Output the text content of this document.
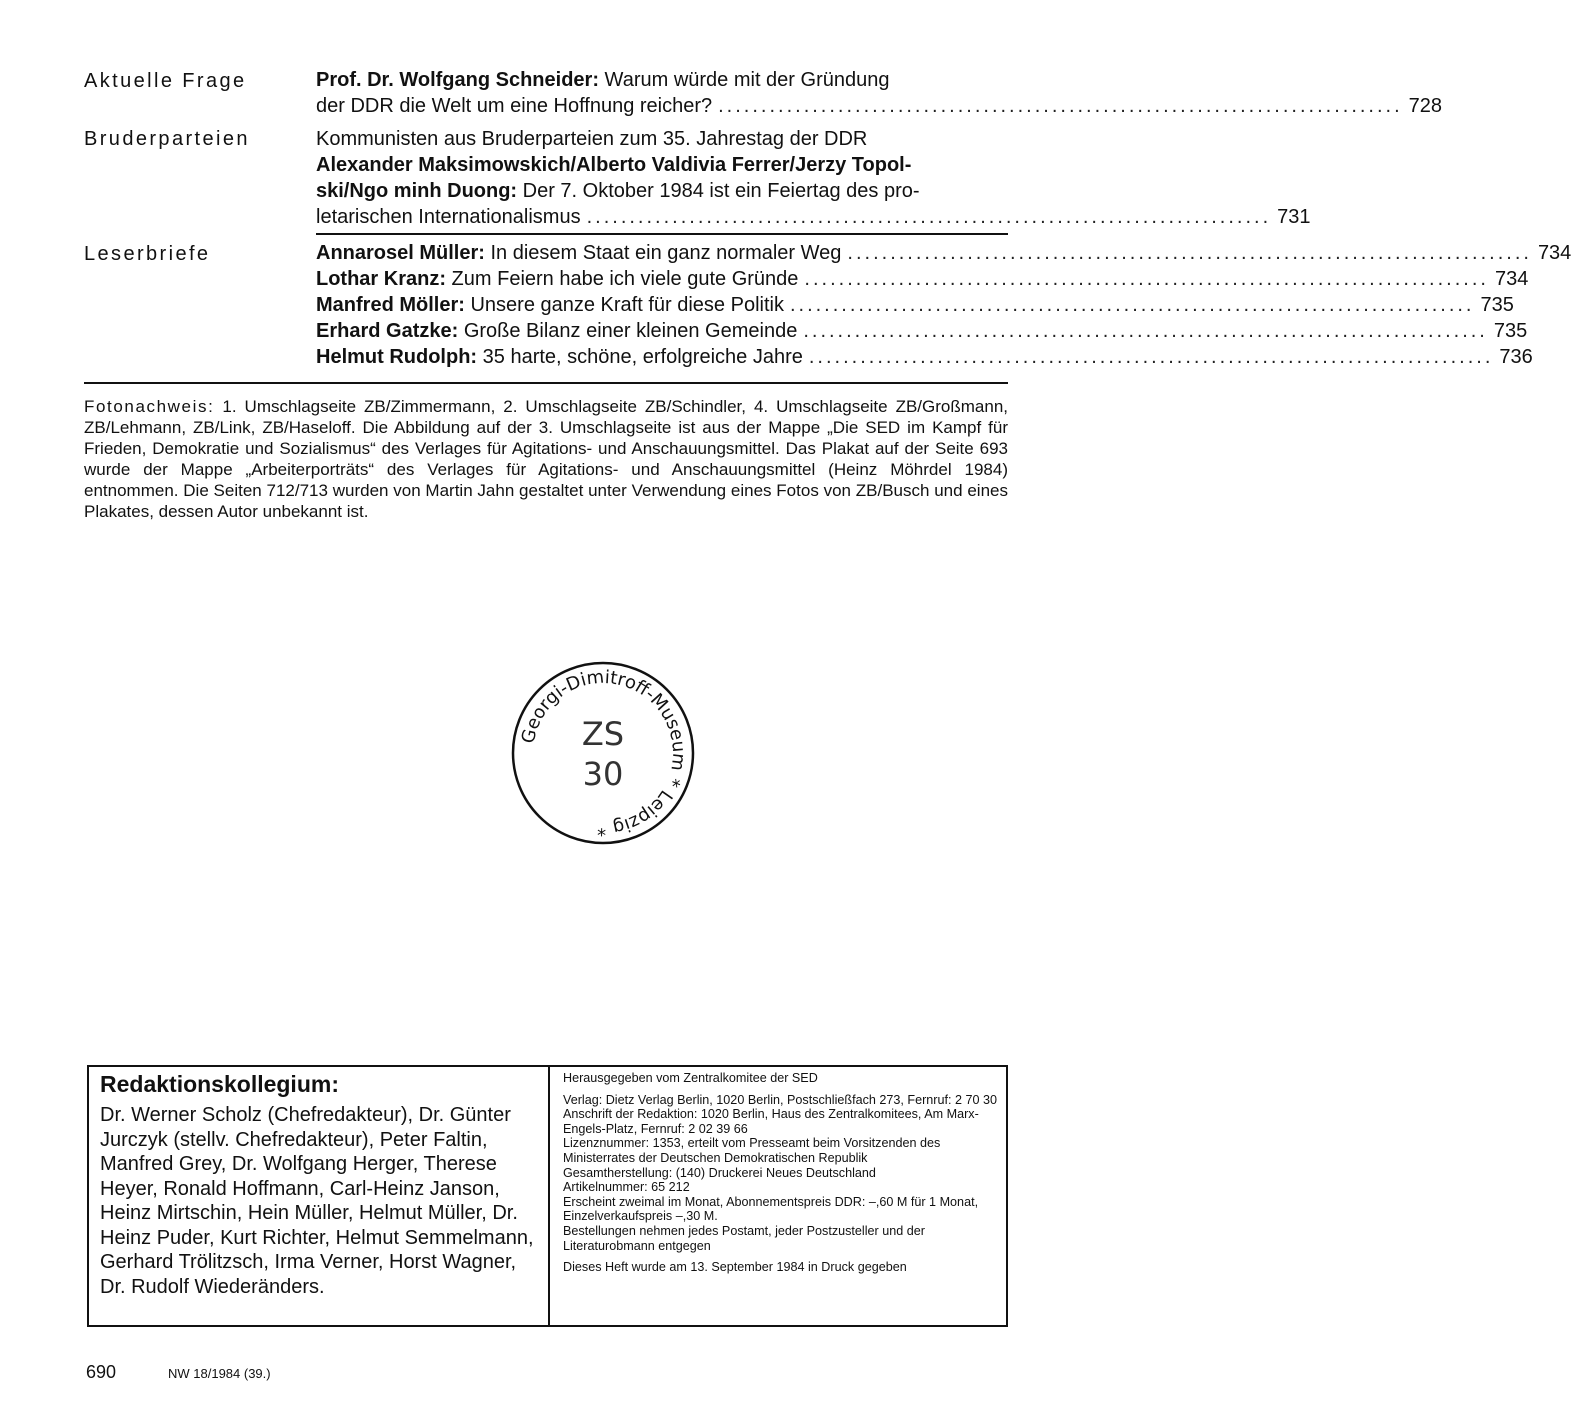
Aktuelle Frage	Prof. Dr. Wolfgang Schneider: Warum würde mit der Gründung
der DDR die Welt um eine Hoffnung reicher? ................................................................................ 728
Bruderparteien	Kommunisten aus Bruderparteien zum 35. Jahrestag der DDR
Alexander Maksimowskich/Alberto Valdivia Ferrer/Jerzy Topol-
ski/Ngo minh Duong: Der 7. Oktober 1984 ist ein Feiertag des pro-
letarischen Internationalismus ................................................................................ 731
Leserbriefe	Annarosel Müller: In diesem Staat ein ganz normaler Weg ................................................................................ 734
Lothar Kranz: Zum Feiern habe ich viele gute Gründe ................................................................................ 734
Manfred Möller: Unsere ganze Kraft für diese Politik ................................................................................ 735
Erhard Gatzke: Große Bilanz einer kleinen Gemeinde ................................................................................ 735
Helmut Rudolph: 35 harte, schöne, erfolgreiche Jahre ................................................................................ 736
Fotonachweis: 1. Umschlagseite ZB/Zimmermann, 2. Umschlagseite ZB/Schindler, 4. Umschlagseite ZB/Großmann, ZB/Lehmann, ZB/Link, ZB/Haseloff. Die Abbildung auf der 3. Umschlagseite ist aus der Mappe „Die SED im Kampf für Frieden, Demokratie und Sozialismus“ des Verlages für Agitations- und Anschauungsmittel. Das Plakat auf der Seite 693 wurde der Mappe „Arbeiterporträts“ des Verlages für Agitations- und Anschauungsmittel (Heinz Möhrdel 1984) entnommen. Die Seiten 712/713 wurden von Martin Jahn gestaltet unter Verwendung eines Fotos von ZB/Busch und eines Plakates, dessen Autor unbekannt ist.
Georgi-Dimitroff-Museum * Leipzig *
ZS
30
Redaktionskollegium:
Dr. Werner Scholz (Chefredakteur), Dr. Günter Jurczyk (stellv. Chefredakteur), Peter Faltin, Manfred Grey, Dr. Wolfgang Herger, Therese Heyer, Ronald Hoffmann, Carl-Heinz Janson, Heinz Mirtschin, Hein Müller, Helmut Müller, Dr. Heinz Puder, Kurt Richter, Helmut Semmelmann, Gerhard Trölitzsch, Irma Verner, Horst Wagner, Dr. Rudolf Wiederänders.

Herausgegeben vom Zentralkomitee der SED

Verlag: Dietz Verlag Berlin, 1020 Berlin, Postschließfach 273, Fernruf: 2 70 30

Anschrift der Redaktion: 1020 Berlin, Haus des Zentralkomitees, Am Marx-Engels-Platz, Fernruf: 2 02 39 66

Lizenznummer: 1353, erteilt vom Presseamt beim Vorsitzenden des Ministerrates der Deutschen Demokratischen Republik

Gesamtherstellung: (140) Druckerei Neues Deutschland

Artikelnummer: 65 212

Erscheint zweimal im Monat, Abonnementspreis DDR: –,60 M für 1 Monat, Einzelverkaufspreis –,30 M.

Bestellungen nehmen jedes Postamt, jeder Postzusteller und der Literaturobmann entgegen

Dieses Heft wurde am 13. September 1984 in Druck gegeben

690	NW 18/1984 (39.)
